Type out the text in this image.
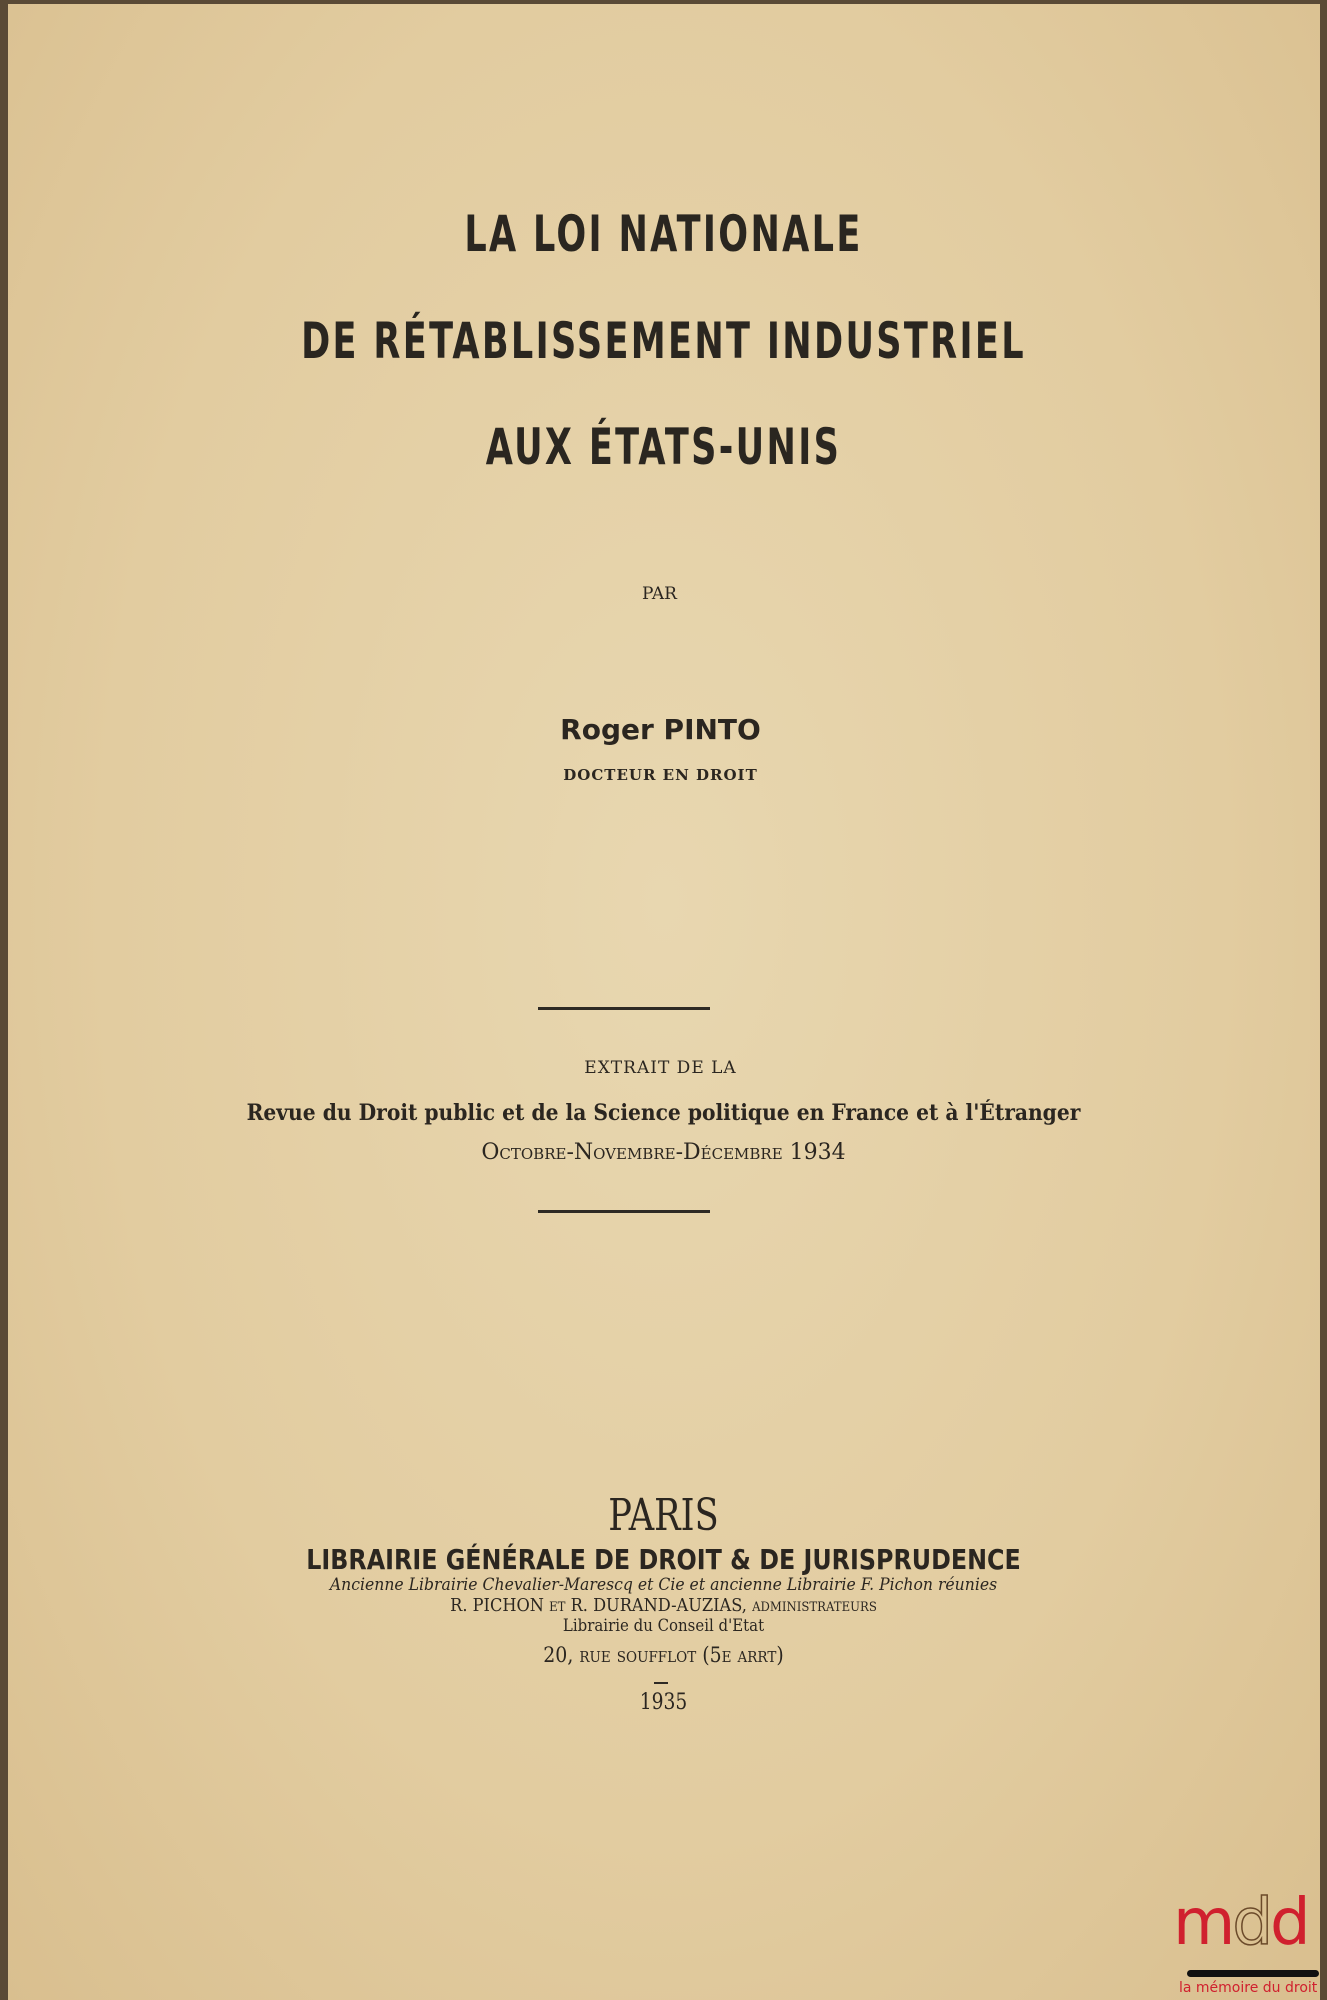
LA LOI NATIONALE
DE RÉTABLISSEMENT INDUSTRIEL
AUX ÉTATS-UNIS
PAR
Roger PINTO
DOCTEUR EN DROIT
EXTRAIT DE LA
Revue du Droit public et de la Science politique en France et à l'Étranger
Octobre-Novembre-Décembre 1934
PARIS
LIBRAIRIE GÉNÉRALE DE DROIT & DE JURISPRUDENCE
Ancienne Librairie Chevalier-Marescq et Cie et ancienne Librairie F. Pichon réunies
R. PICHON et R. DURAND-AUZIAS, administrateurs
Librairie du Conseil d'Etat
20, rue soufflot (5e arrt)
1935
mdd
la mémoire du droit
